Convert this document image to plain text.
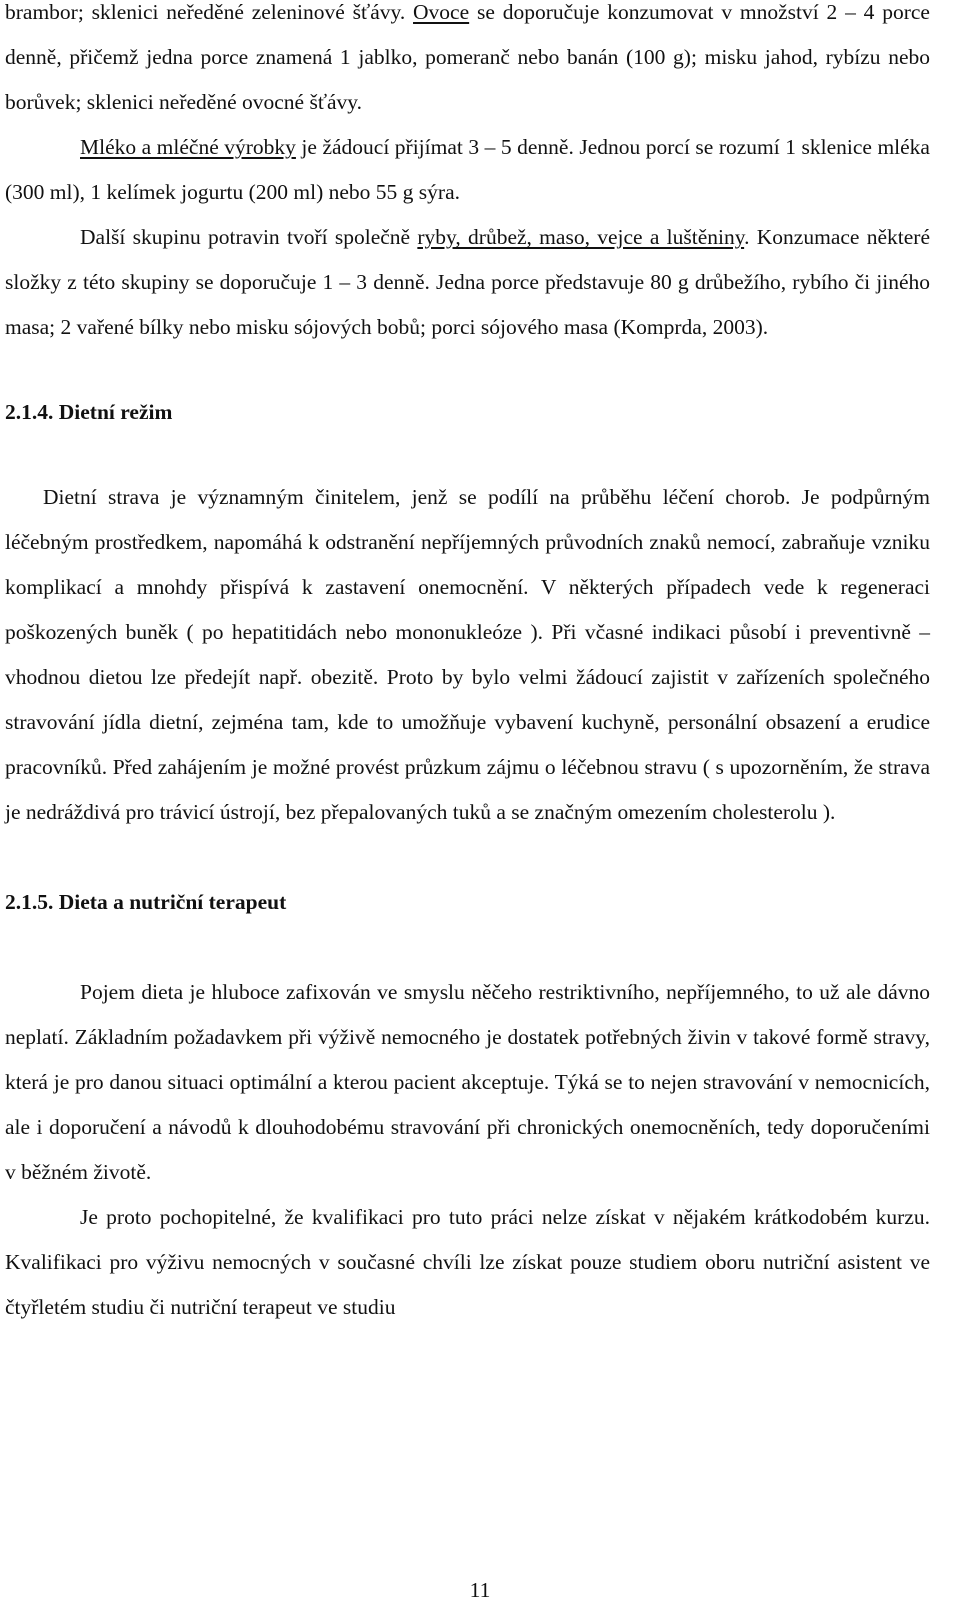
brambor; sklenici neředěné zeleninové šťávy. Ovoce se doporučuje konzumovat v množství 2 – 4 porce denně, přičemž jedna porce znamená 1 jablko, pomeranč nebo banán (100 g); misku jahod, rybízu nebo borůvek; sklenici neředěné ovocné šťávy.

Mléko a mléčné výrobky je žádoucí přijímat 3 – 5 denně. Jednou porcí se rozumí 1 sklenice mléka (300 ml), 1 kelímek jogurtu (200 ml) nebo 55 g sýra.

Další skupinu potravin tvoří společně ryby, drůbež, maso, vejce a luštěniny. Konzumace některé složky z této skupiny se doporučuje 1 – 3 denně. Jedna porce představuje 80 g drůbežího, rybího či jiného masa; 2 vařené bílky nebo misku sójových bobů; porci sójového masa (Komprda, 2003).

2.1.4. Dietní režim

Dietní strava je významným činitelem, jenž se podílí na průběhu léčení chorob. Je podpůrným léčebným prostředkem, napomáhá k odstranění nepříjemných průvodních znaků nemocí, zabraňuje vzniku komplikací a mnohdy přispívá k zastavení onemocnění. V některých případech vede k regeneraci poškozených buněk ( po hepatitidách nebo mononukleóze ). Při včasné indikaci působí i preventivně – vhodnou dietou lze předejít např. obezitě. Proto by bylo velmi žádoucí zajistit v zařízeních společného stravování jídla dietní, zejména tam, kde to umožňuje vybavení kuchyně, personální obsazení a erudice pracovníků. Před zahájením je možné provést průzkum zájmu o léčebnou stravu ( s upozorněním, že strava je nedráždivá pro trávicí ústrojí, bez přepalovaných tuků a se značným omezením cholesterolu ).

2.1.5. Dieta a nutriční terapeut

Pojem dieta je hluboce zafixován ve smyslu něčeho restriktivního, nepříjemného, to už ale dávno neplatí. Základním požadavkem při výživě nemocného je dostatek potřebných živin v takové formě stravy, která je pro danou situaci optimální a kterou pacient akceptuje. Týká se to nejen stravování v nemocnicích, ale i doporučení a návodů k dlouhodobému stravování při chronických onemocněních, tedy doporučeními v běžném životě.

Je proto pochopitelné, že kvalifikaci pro tuto práci nelze získat v nějakém krátkodobém kurzu. Kvalifikaci pro výživu nemocných v současné chvíli lze získat pouze studiem oboru nutriční asistent ve čtyřletém studiu či nutriční terapeut ve studiu

11
